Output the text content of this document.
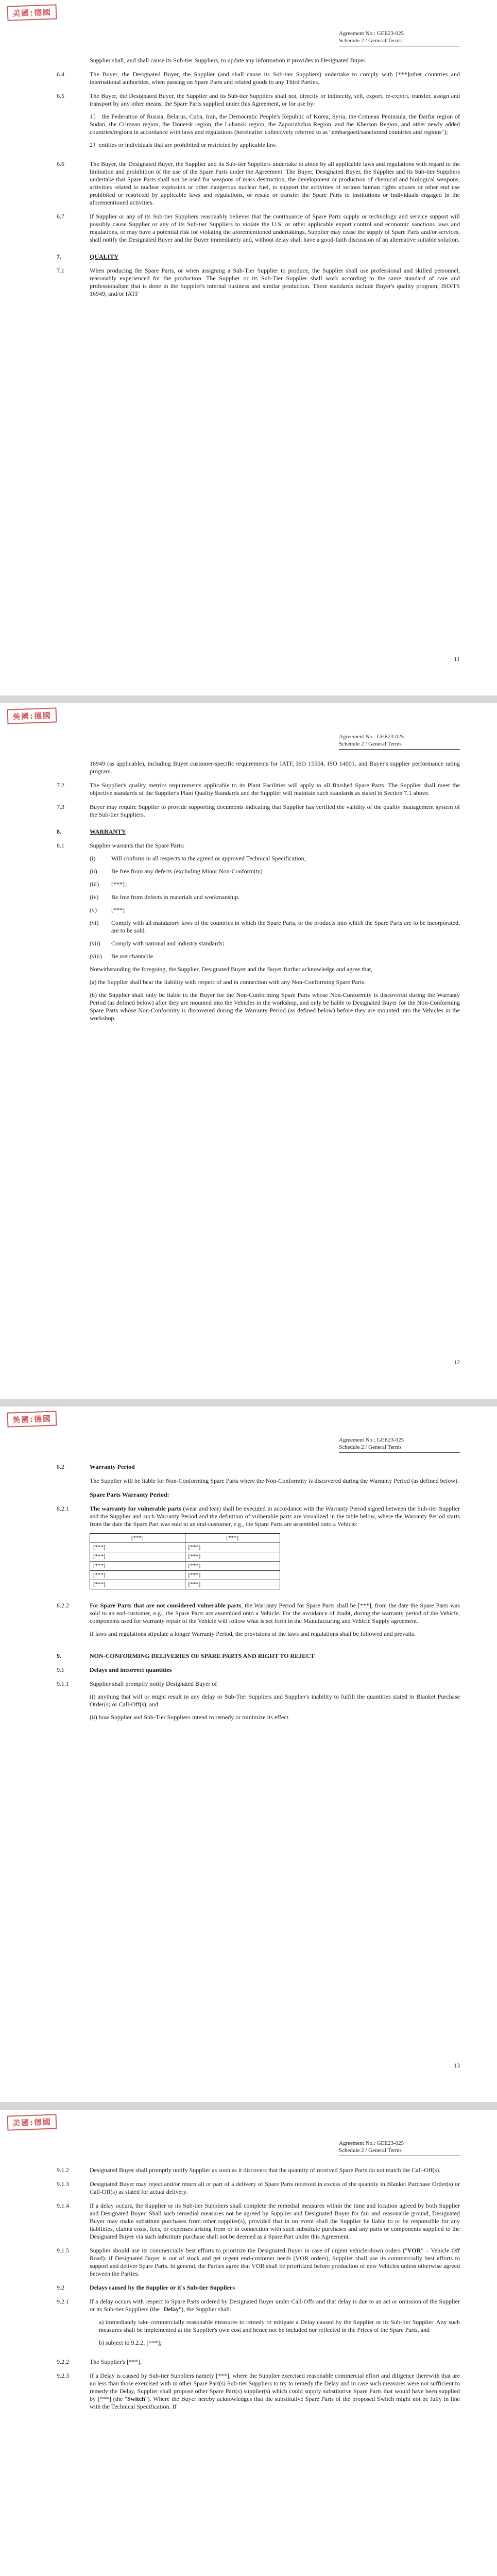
美國:德國
Agreement No.: GEE23-025
Schedule 2 / General Terms
Supplier shall, and shall cause its Sub-tier Suppliers, to update any information it provides to Designated Buyer.
6.4	The Buyer, the Designated Buyer, the Supplier (and shall cause its Sub-tier Suppliers) undertake to comply with [***]other countries and international authorities, when passing on Spare Parts and related goods to any Third Parties.
6.5	The Buyer, the Designated Buyer, the Supplier and its Sub-tier Suppliers shall not, directly or indirectly, sell, export, re-export, transfer, assign and transport by any other means, the Spare Parts supplied under this Agreement, or for use by:

1） the Federation of Russia, Belarus, Cuba, Iran, the Democratic People's Republic of Korea, Syria, the Crimean Peninsula, the Darfur region of Sudan, the Crimean region, the Donetsk region, the Luhansk region, the Zaporizhzhia Region, and the Kherson Region, and other newly added countries/regions in accordance with laws and regulations (hereinafter collectively referred to as "embargoed/sanctioned countries and regions");

2）entities or individuals that are prohibited or restricted by applicable law.

6.6	The Buyer, the Designated Buyer, the Supplier and its Sub-tier Suppliers undertake to abide by all applicable laws and regulations with regard to the limitation and prohibition of the use of the Spare Parts under the Agreement. The Buyer, Designated Buyer, the Supplier and its Sub-tier Suppliers undertake that Spare Parts shall not be used for weapons of mass destruction, the development or production of chemical and biological weapons, activities related to nuclear explosion or other dangerous nuclear fuel, to support the activities of serious human rights abuses or other end use prohibited or restricted by applicable laws and regulations, or resale or transfer the Spare Parts to institutions or individuals engaged in the aforementioned activities.
6.7	If Supplier or any of its Sub-tier Suppliers reasonably believes that the continuance of Spare Parts supply or technology and service support will possibly cause Supplier or any of its Sub-tier Suppliers to violate the U.S. or other applicable export control and economic sanctions laws and regulations, or may have a potential risk for violating the aforementioned undertakings, Supplier may cease the supply of Spare Parts and/or services, shall notify the Designated Buyer and the Buyer immediately and, without delay shall have a good-faith discussion of an alternative suitable solution.
7.	QUALITY
7.1	When producing the Spare Parts, or when assigning a Sub-Tier Supplier to produce, the Supplier shall use professional and skilled personnel, reasonably experienced for the production. The Supplier or its Sub-Tier Supplier shall work according to the same standard of care and professionalism that is done in the Supplier's internal business and similar production. These standards include Buyer's quality program, ISO/TS 16949, and/or IATF
11
美國:德國
Agreement No.: GEE23-025
Schedule 2 / General Terms
16949 (as applicable), including Buyer customer-specific requirements for IATF, ISO 15504, ISO 14001, and Buyer's supplier performance rating program.
7.2	The Supplier's quality metrics requirements applicable to its Plant Facilities will apply to all finished Spare Parts. The Supplier shall meet the objective standards of the Supplier's Plant Quality Standards and the Supplier will maintain such standards as stated in Section 7.1 above.
7.3	Buyer may require Supplier to provide supporting documents indicating that Supplier has verified the validity of the quality management system of the Sub-tier Suppliers.
8.	WARRANTY
8.1	Supplier warrants that the Spare Parts:

(i)	Will conform in all respects to the agreed or approved Technical Specification,
(ii)	Be free from any defects (excluding Minor Non-Conformity)
(iii)	[***]；
(iv)	Be free from defects in materials and workmanship.
(v)	[***]
(vi)	Comply with all mandatory laws of the countries in which the Spare Parts, or the products into which the Spare Parts are to be incorporated, are to be sold.
(vii)	Comply with national and industry standards；
(viii)	Be merchantable.

Notwithstanding the foregoing, the Supplier, Designated Buyer and the Buyer further acknowledge and agree that,

(a) the Supplier shall bear the liability with respect of and in connection with any Non-Conforming Spare Parts.

(b) the Supplier shall only be liable to the Buyer for the Non-Conforming Spare Parts whose Non-Conformity is discovered during the Warranty Period (as defined below) after they are mounted into the Vehicles in the workshop, and only be liable to Designated Buyer for the Non-Conforming Spare Parts whose Non-Conformity is discovered during the Warranty Period (as defined below) before they are mounted into the Vehicles in the workshop.

12
美國:德國
Agreement No.: GEE23-025
Schedule 2 / General Terms
8.2	Warranty Period
The Supplier will be liable for Non-Conforming Spare Parts where the Non-Conformity is discovered during the Warranty Period (as defined below).
Spare Parts Warranty Period:
8.2.1	The warranty for vulnerable parts (wear and tear) shall be executed in accordance with the Warranty Period signed between the Sub-tier Supplier and the Supplier and such Warranty Period and the definition of vulnerable parts are visualized in the table below, where the Warranty Period starts from the date the Spare Part was sold to an end-customer, e.g., the Spare Parts are assembled onto a Vehicle:

[***]	[***]
[***]	[***]
[***]	[***]
[***]	[***]
[***]	[***]
[***]	[***]
8.2.2	For Spare Parts that are not considered vulnerable parts, the Warranty Period for Spare Parts shall be [***], from the date the Spare Parts was sold to an end-customer, e.g., the Spare Parts are assembled onto a Vehicle. For the avoidance of doubt, during the warranty period of the Vehicle, components used for warranty repair of the Vehicle will follow what is set forth in the Manufacturing and Vehicle Supply agreement.

If laws and regulations stipulate a longer Warranty Period, the provisions of the laws and regulations shall be followed and prevails.

9.	NON-CONFORMING DELIVERIES OF SPARE PARTS AND RIGHT TO REJECT
9.1	Delays and incorrect quantities
9.1.1	Supplier shall promptly notify Designated Buyer of

(i) anything that will or might result in any delay or Sub-Tier Suppliers and Supplier's inability to fulfill the quantities stated in Blanket Purchase Order(s) or Call-Off(s), and

(ii) how Supplier and Sub-Tier Suppliers intend to remedy or minimize its effect.

13
美國:德國
Agreement No.: GEE23-025
Schedule 2 / General Terms
9.1.2	Designated Buyer shall promptly notify Supplier as soon as it discovers that the quantity of received Spare Parts do not match the Call-Off(s).
9.1.3	Designated Buyer may reject and/or return all or part of a delivery of Spare Parts received in excess of the quantity in Blanket Purchase Order(s) or Call-Off(s) as stated for actual delivery.
9.1.4	If a delay occurs, the Supplier or its Sub-tier Suppliers shall complete the remedial measures within the time and location agreed by both Supplier and Designated Buyer. Shall such remedial measures not be agreed by Supplier and Designated Buyer for fair and reasonable ground, Designated Buyer may make substitute purchases from other supplier(s), provided that in no event shall the Supplier be liable to or be responsible for any liabilities, claims costs, fees, or expenses arising from or in connection with such substitute purchases and any parts or components supplied to the Designated Buyer via such substitute purchase shall not be deemed as a Spare Part under this Agreement.
9.1.5	Supplier should use its commercially best efforts to prioritize the Designated Buyer in case of urgent vehicle-down orders ("VOR" – Vehicle Off Road): if Designated Buyer is out of stock and get urgent end-customer needs (VOR orders), Supplier shall use its commercially best efforts to support and deliver Spare Parts. In general, the Parties agree that VOR shall be prioritized before production of new Vehicles unless otherwise agreed between the Parties.
9.2	Delays caused by the Supplier or it's Sub-tier Suppliers
9.2.1	If a delay occurs with respect to Spare Parts ordered by Designated Buyer under Call-Offs and that delay is due to an act or omission of the Supplier or its Sub-tier Suppliers (the "Delay"), the Supplier shall:

a) immediately take commercially reasonable measures to remedy or mitigate a Delay caused by the Supplier or its Sub-tier Supplier. Any such measures shall be implemented at the Supplier's own cost and hence not be included nor reflected in the Prices of the Spare Parts, and

b) subject to 9.2.2, [***];

9.2.2	The Supplier's [***].
9.2.3	If a Delay is caused by Sub-tier Suppliers namely [***], where the Supplier exercised reasonable commercial effort and diligence therewith that are no less than those exercised with in other Spare Part(s) Sub-tier Suppliers to try to remedy the Delay and in case such measures were not sufficient to remedy the Delay, Supplier shall propose other Spare Part(s) supplier(s) which could supply substitutive Spare Parts that would have been supplied by [***] (the "Switch"). Where the Buyer hereby acknowledges that the substitutive Spare Parts of the proposed Switch might not be fully in line with the Technical Specification. If
